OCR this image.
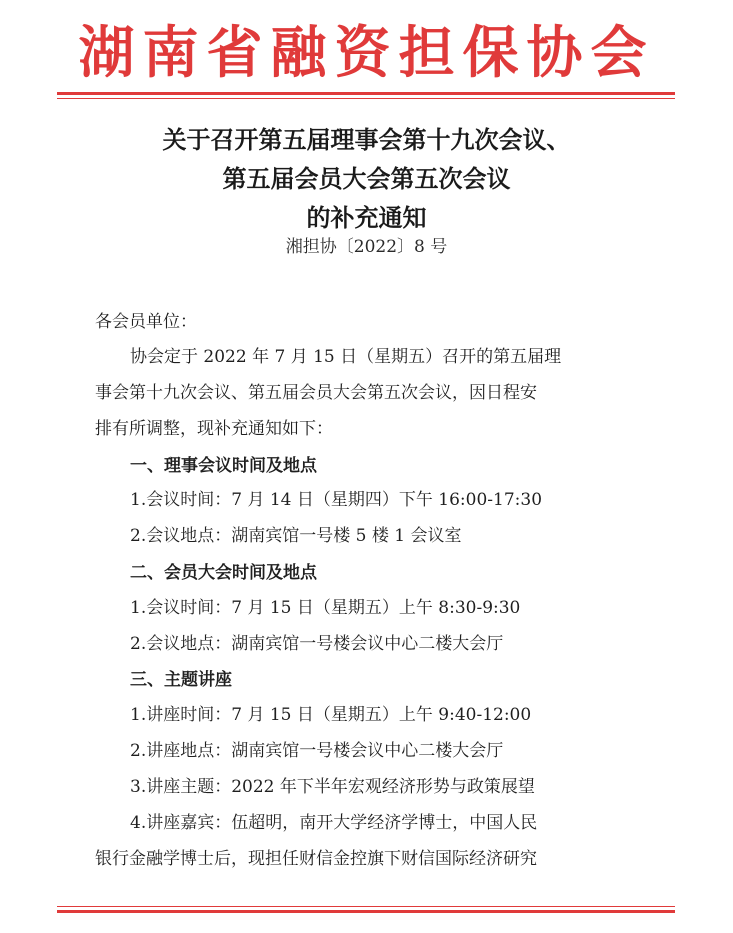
湖南省融资担保协会
关于召开第五届理事会第十九次会议、
第五届会员大会第五次会议
的补充通知
湘担协〔2022〕8 号
各会员单位：
协会定于 2022 年 7 月 15 日（星期五）召开的第五届理
事会第十九次会议、第五届会员大会第五次会议，因日程安
排有所调整，现补充通知如下：
一、理事会议时间及地点
1.会议时间：7 月 14 日（星期四）下午 16:00-17:30
2.会议地点：湖南宾馆一号楼 5 楼 1 会议室
二、会员大会时间及地点
1.会议时间：7 月 15 日（星期五）上午 8:30-9:30
2.会议地点：湖南宾馆一号楼会议中心二楼大会厅
三、主题讲座
1.讲座时间：7 月 15 日（星期五）上午 9:40-12:00
2.讲座地点：湖南宾馆一号楼会议中心二楼大会厅
3.讲座主题：2022 年下半年宏观经济形势与政策展望
4.讲座嘉宾：伍超明，南开大学经济学博士，中国人民
银行金融学博士后，现担任财信金控旗下财信国际经济研究
